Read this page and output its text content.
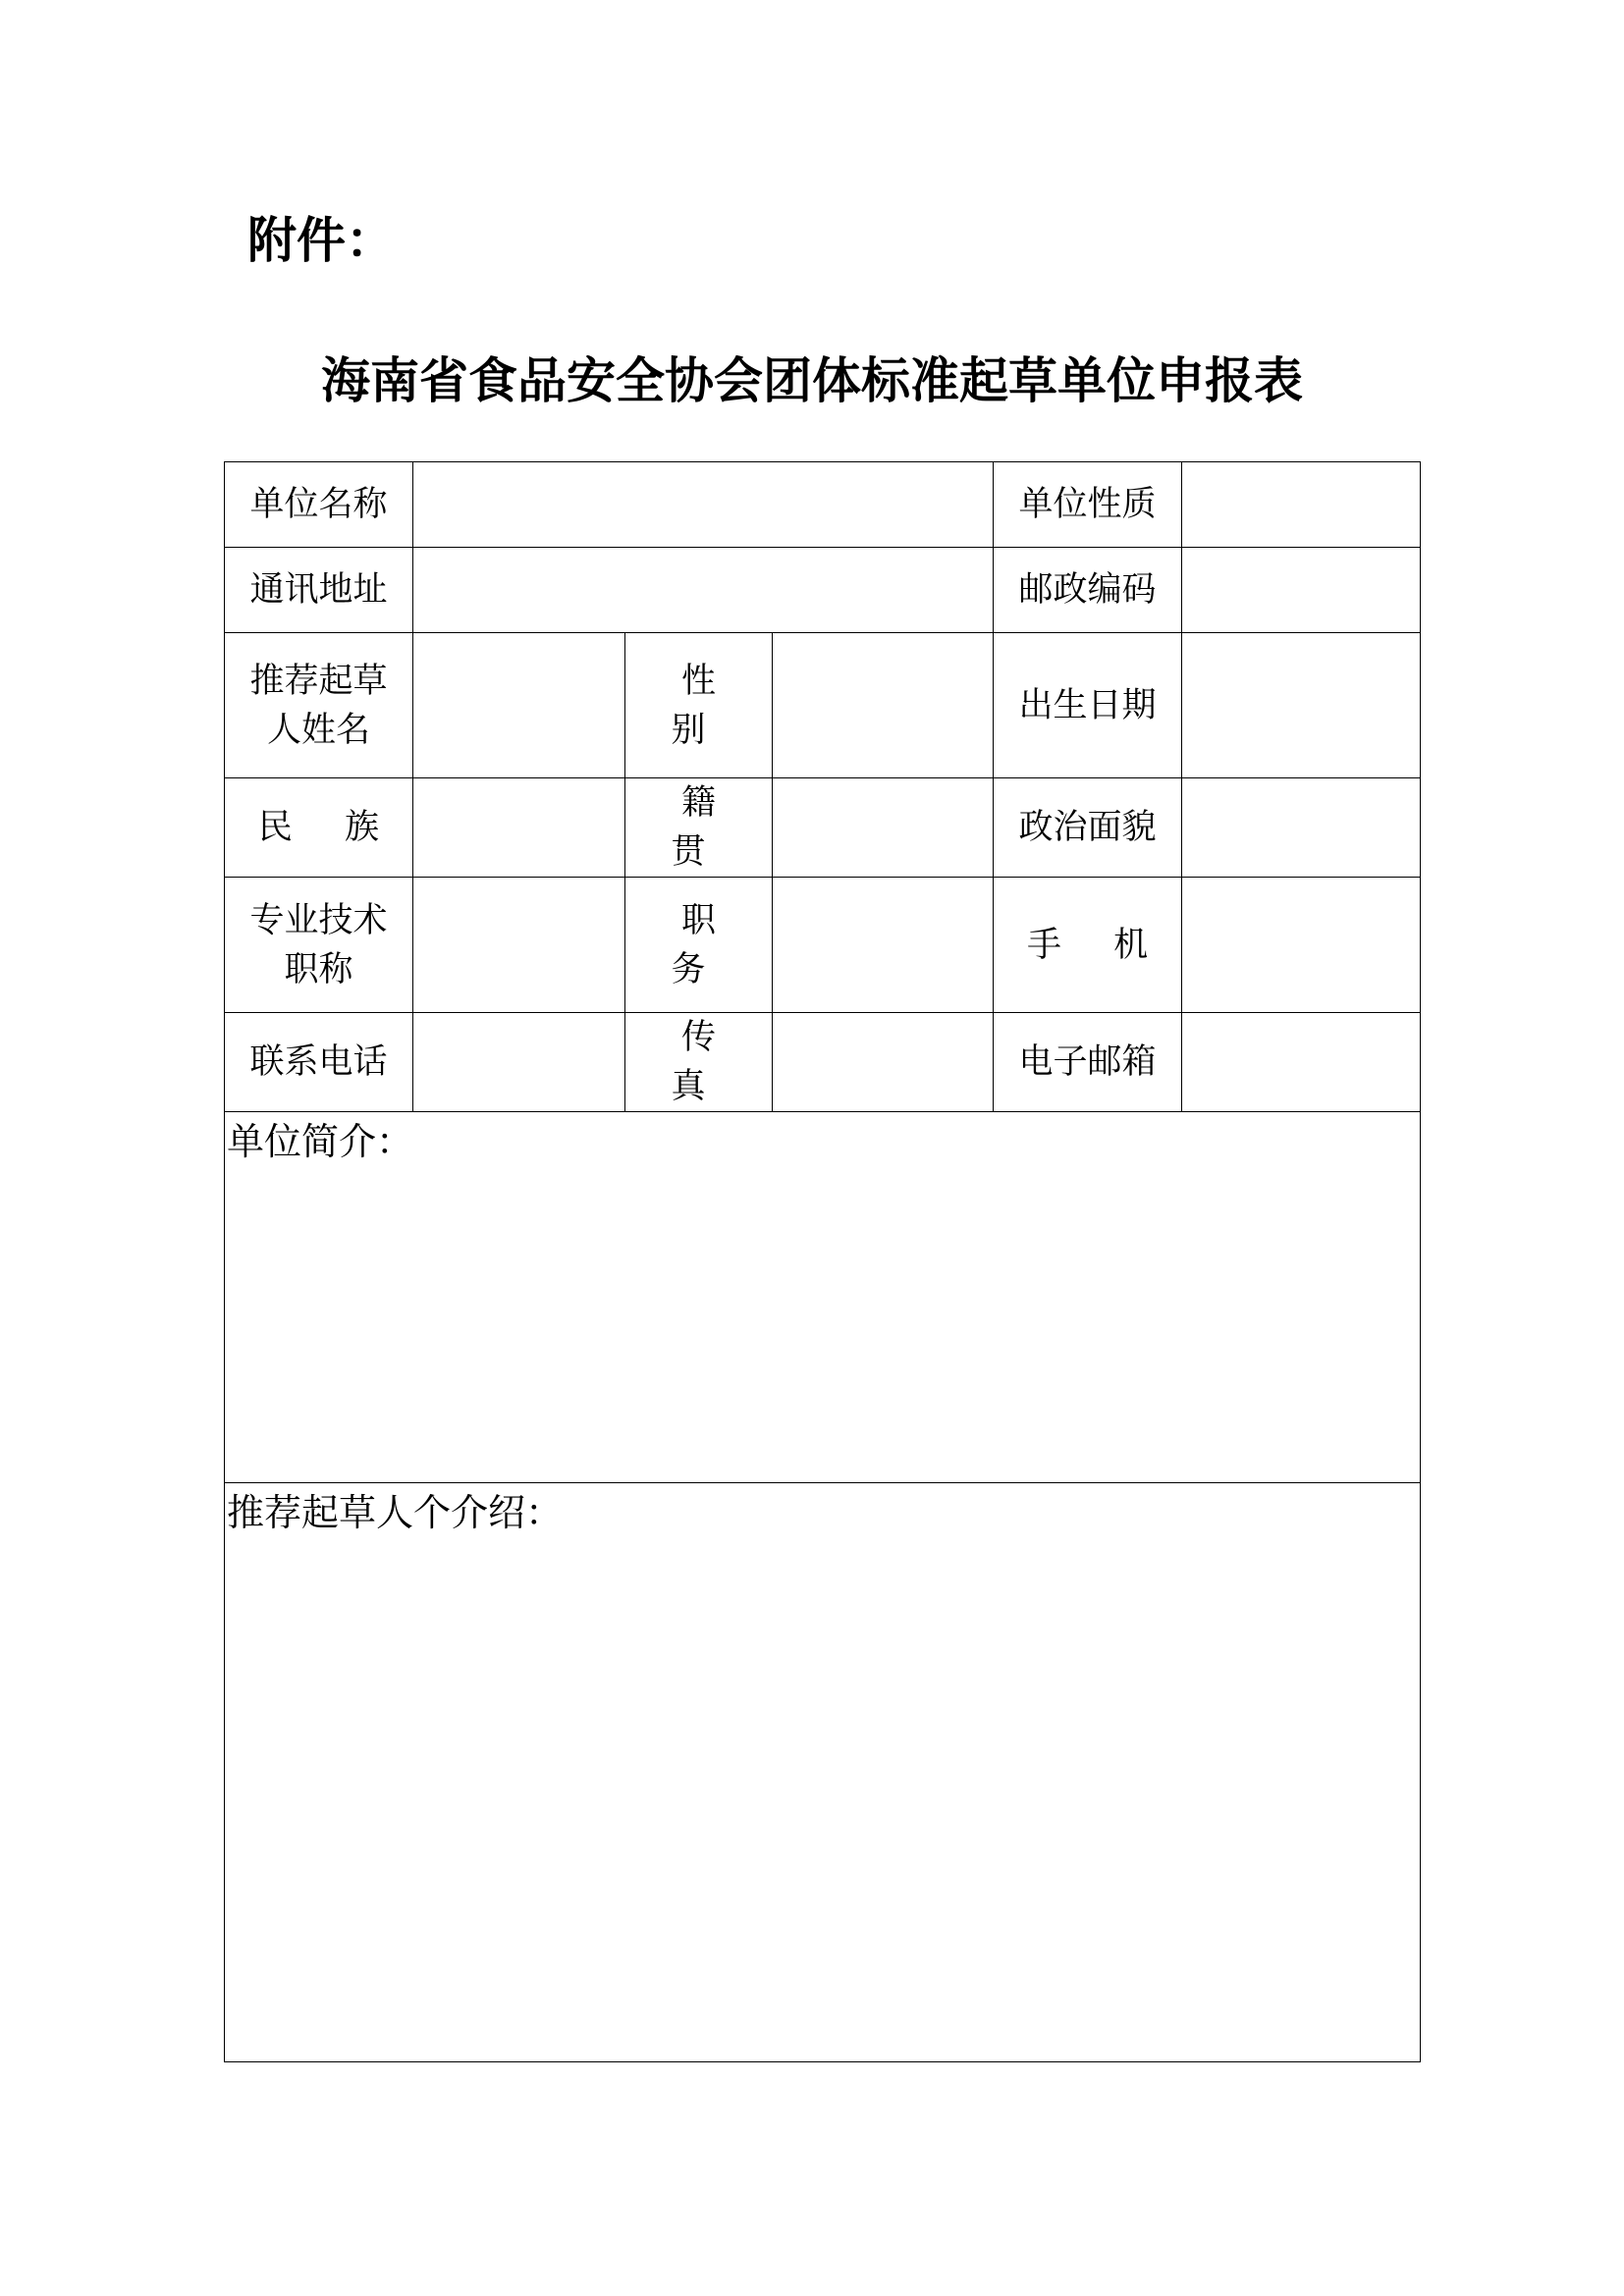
附件：
海南省食品安全协会团体标准起草单位申报表
单位名称				单位性质	
通讯地址				邮政编码	

推荐起草
人姓名		性 别		出生日期	
民 族		籍 贯		政治面貌	

专业技术
职称		职 务		手 机	
联系电话		传 真		电子邮箱	
单位简介：					
推荐起草人个介绍：					
